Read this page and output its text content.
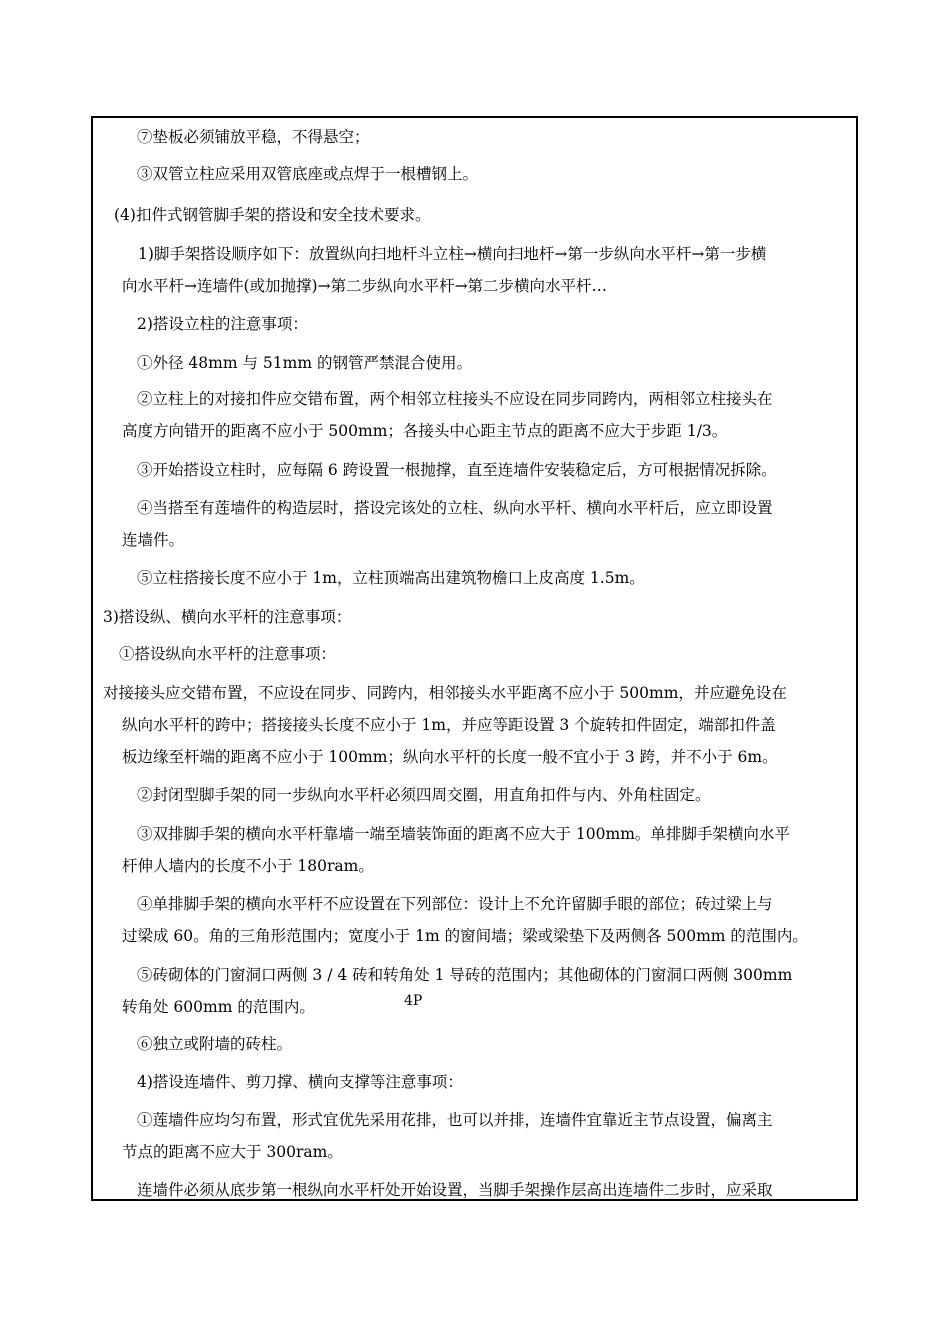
⑦垫板必须铺放平稳，不得悬空；
③双管立柱应采用双管底座或点焊于一根槽钢上。
(4)扣件式钢管脚手架的搭设和安全技术要求。
1)脚手架搭设顺序如下：放置纵向扫地杆斗立柱→横向扫地杆→第一步纵向水平杆→第一步横
向水平杆→连墙件(或加抛撑)→第二步纵向水平杆→第二步横向水平杆…
2)搭设立柱的注意事项：
①外径 48mm 与 51mm 的钢管严禁混合使用。
②立柱上的对接扣件应交错布置，两个相邻立柱接头不应设在同步同跨内，两相邻立柱接头在
高度方向错开的距离不应小于 500mm；各接头中心距主节点的距离不应大于步距 1/3。
③开始搭设立柱时，应每隔 6 跨设置一根抛撑，直至连墙件安装稳定后，方可根据情况拆除。
④当搭至有莲墙件的构造层时，搭设完该处的立柱、纵向水平杆、横向水平杆后，应立即设置
连墙件。
⑤立柱搭接长度不应小于 1m，立柱顶端高出建筑物檐口上皮高度 1.5m。
3)搭设纵、横向水平杆的注意事项：
①搭设纵向水平杆的注意事项：
对接接头应交错布置，不应设在同步、同跨内，相邻接头水平距离不应小于 500mm，并应避免设在
纵向水平杆的跨中；搭接接头长度不应小于 1m，并应等距设置 3 个旋转扣件固定，端部扣件盖
板边缘至杆端的距离不应小于 100mm；纵向水平杆的长度一般不宜小于 3 跨，并不小于 6m。
②封闭型脚手架的同一步纵向水平杆必须四周交圈，用直角扣件与内、外角柱固定。
③双排脚手架的横向水平杆靠墙一端至墙装饰面的距离不应大于 100mm。单排脚手架横向水平
杆伸人墙内的长度不小于 180ram。
④单排脚手架的横向水平杆不应设置在下列部位：设计上不允许留脚手眼的部位；砖过梁上与
过梁成 60。角的三角形范围内；宽度小于 1m 的窗间墙；梁或梁垫下及两侧各 500mm 的范围内。
⑤砖砌体的门窗洞口两侧 3 / 4 砖和转角处 1 导砖的范围内；其他砌体的门窗洞口两侧 300mm
4P
转角处 600mm 的范围内。
⑥独立或附墙的砖柱。
4)搭设连墙件、剪刀撑、横向支撑等注意事项：
①莲墙件应均匀布置，形式宜优先采用花排，也可以并排，连墙件宜靠近主节点设置，偏离主
节点的距离不应大于 300ram。
连墙件必须从底步第一根纵向水平杆处开始设置，当脚手架操作层高出连墙件二步时，应采取
